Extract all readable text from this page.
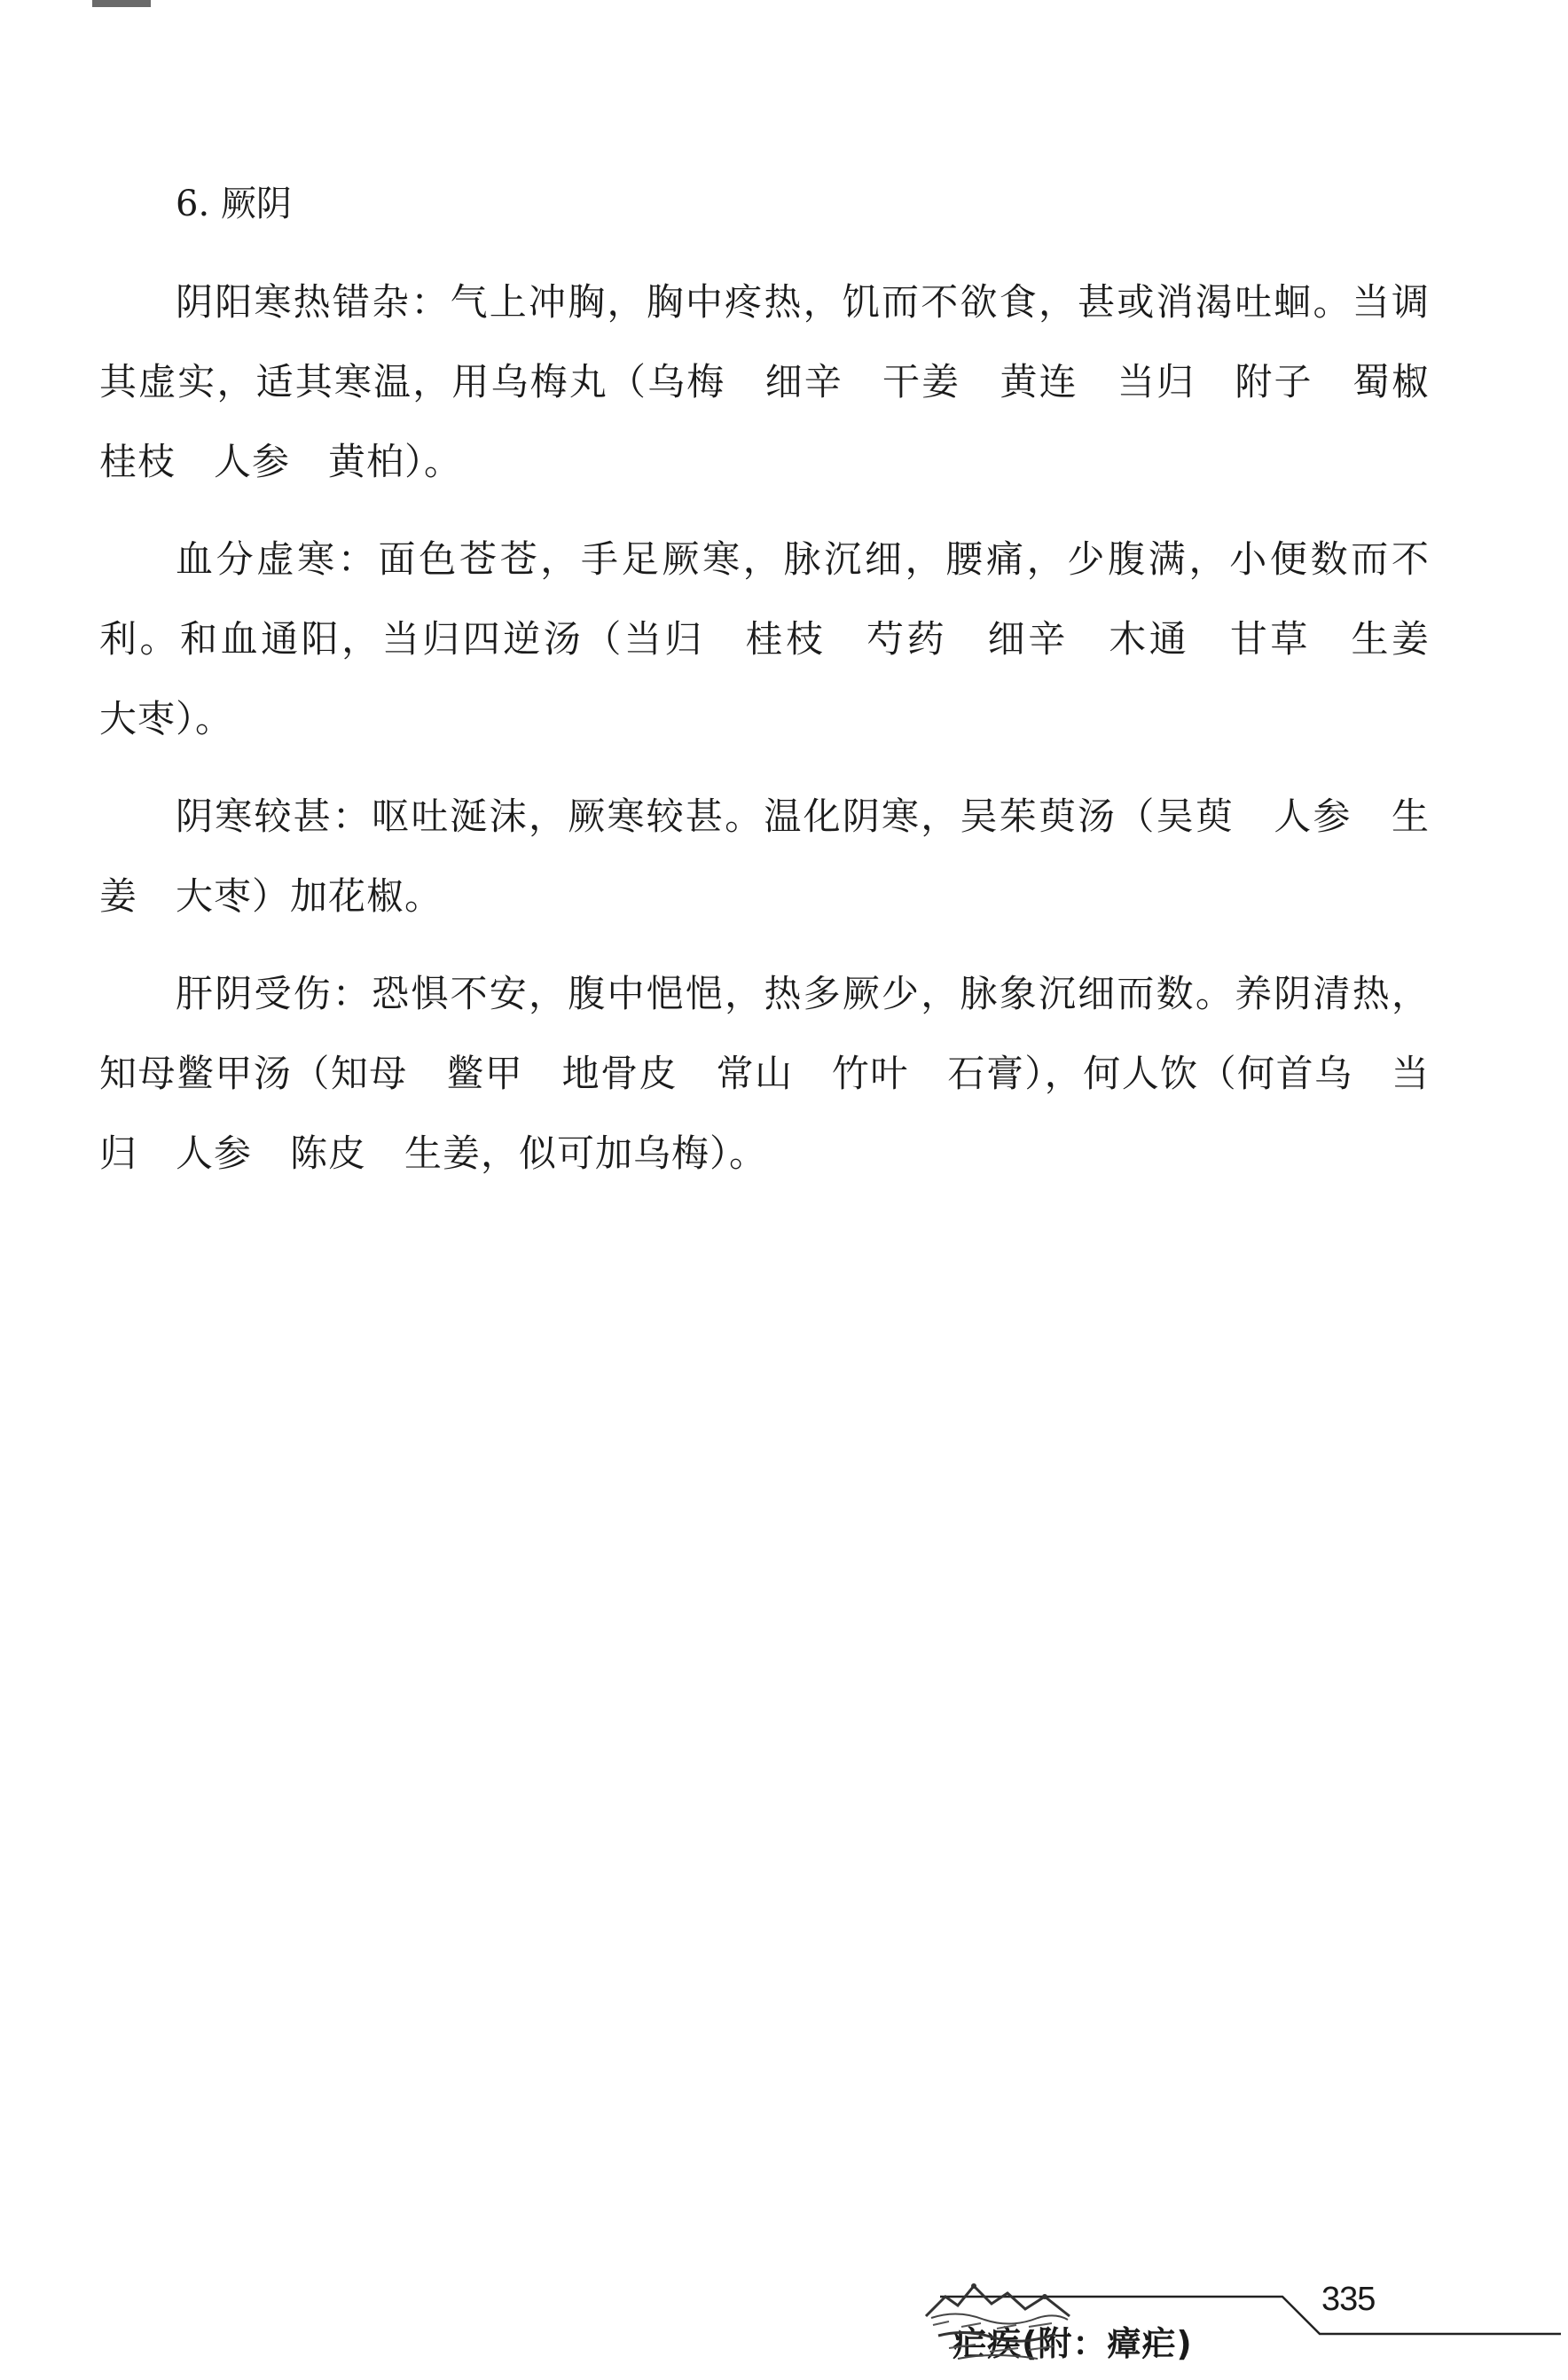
6. 厥阴

阴阳寒热错杂：气上冲胸，胸中疼热，饥而不欲食，甚或消渴吐蛔。当调其虚实，适其寒温，用乌梅丸（乌梅　细辛　干姜　黄连　当归　附子　蜀椒　桂枝　人参　黄柏）。

血分虚寒：面色苍苍，手足厥寒，脉沉细，腰痛，少腹满，小便数而不利。和血通阳，当归四逆汤（当归　桂枝　芍药　细辛　木通　甘草　生姜　大枣）。

阴寒较甚：呕吐涎沫，厥寒较甚。温化阴寒，吴茱萸汤（吴萸　人参　生姜　大枣）加花椒。

肝阴受伤：恐惧不安，腹中悒悒，热多厥少，脉象沉细而数。养阴清热，知母鳖甲汤（知母　鳖甲　地骨皮　常山　竹叶　石膏），何人饮（何首乌　当归　人参　陈皮　生姜，似可加乌梅）。

疟疾(附：瘴疟)
335
